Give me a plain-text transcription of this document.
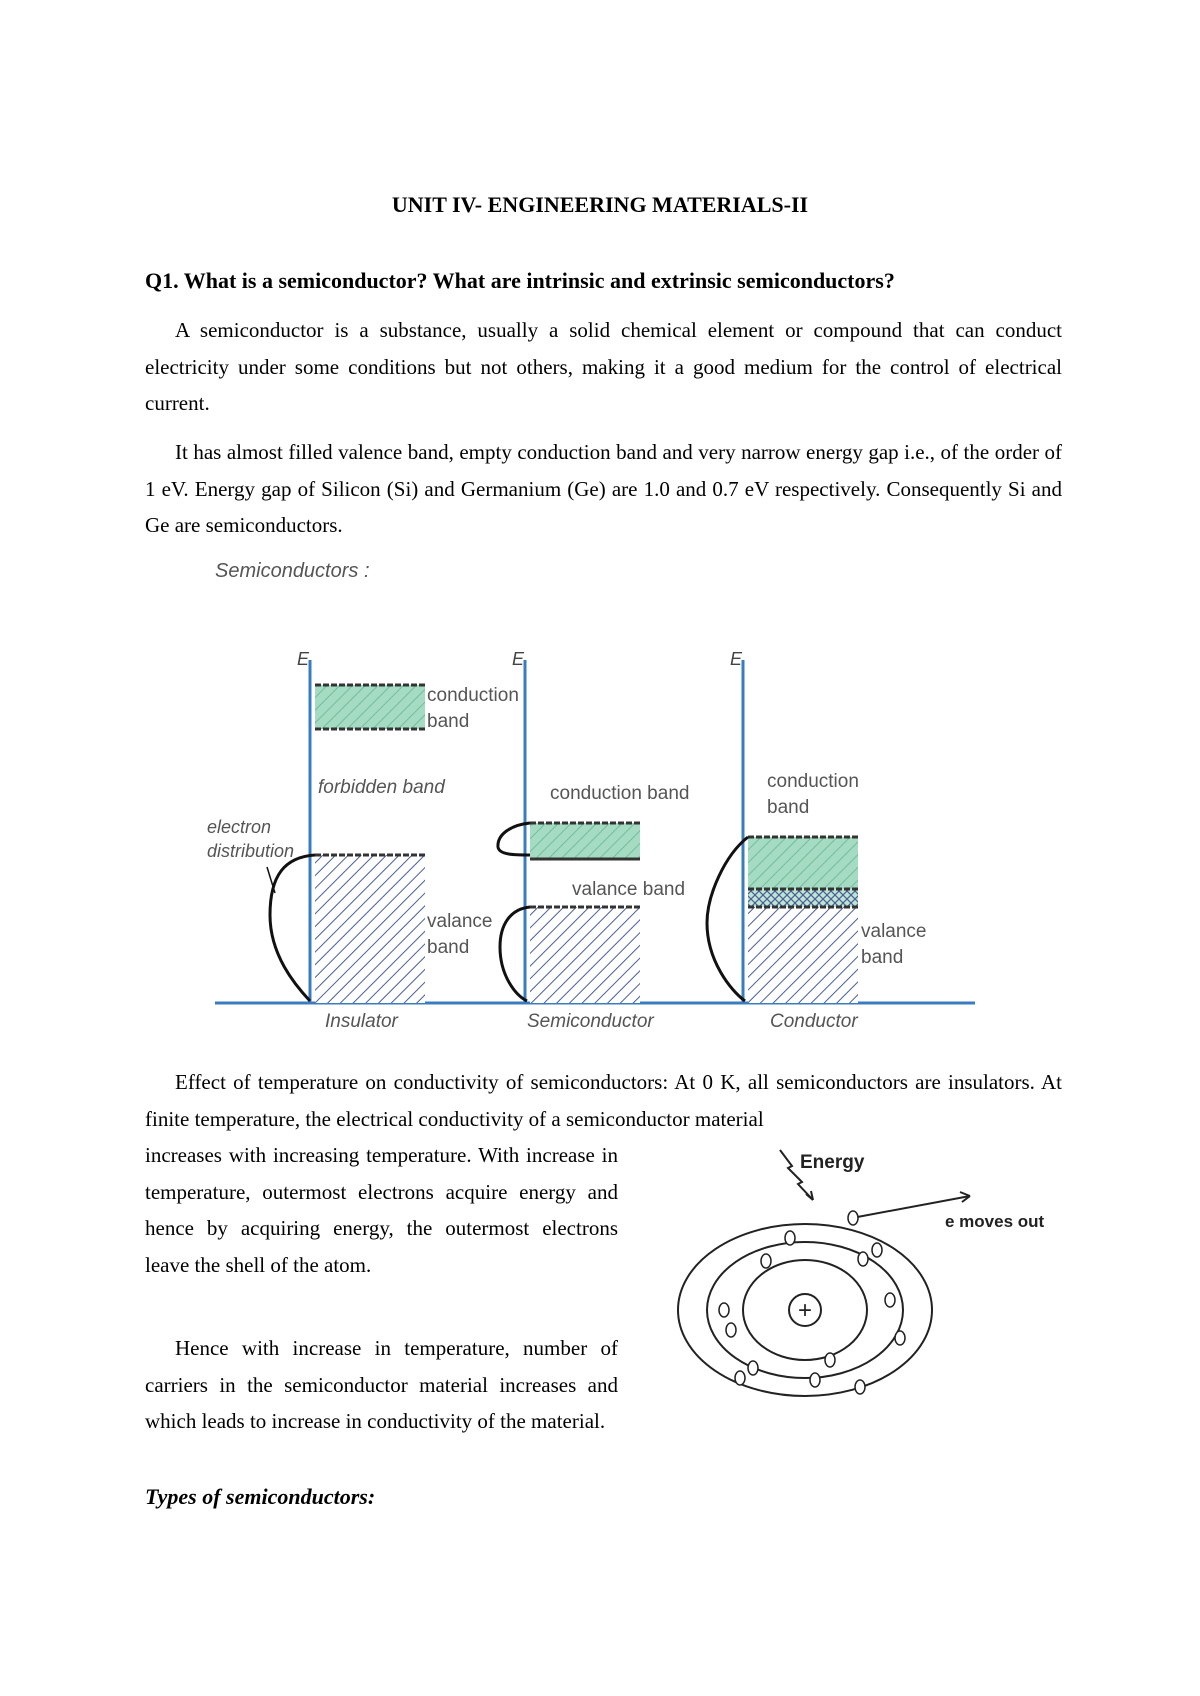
UNIT IV- ENGINEERING MATERIALS-II
Q1. What is a semiconductor? What are intrinsic and extrinsic semiconductors?
A semiconductor is a substance, usually a solid chemical element or compound that can conduct electricity under some conditions but not others, making it a good medium for the control of electrical current.
It has almost filled valence band, empty conduction band and very narrow energy gap i.e., of the order of 1 eV. Energy gap of Silicon (Si) and Germanium (Ge) are 1.0 and 0.7 eV respectively. Consequently Si and Ge are semiconductors.
Semiconductors :
E
conduction
band
forbidden band
valance
band
electron
distribution
Insulator
E
conduction band
valance band
Semiconductor
E
conduction
band
valance
band
Conductor
Effect of temperature on conductivity of semiconductors: At 0 K, all semiconductors are insulators. At finite temperature, the electrical conductivity of a semiconductor material
increases with increasing temperature. With increase in temperature, outermost electrons acquire energy and hence by acquiring energy, the outermost electrons leave the shell of the atom.
Hence with increase in temperature, number of carriers in the semiconductor material increases and which leads to increase in conductivity of the material.
Energy
e moves out
+
Types of semiconductors:
